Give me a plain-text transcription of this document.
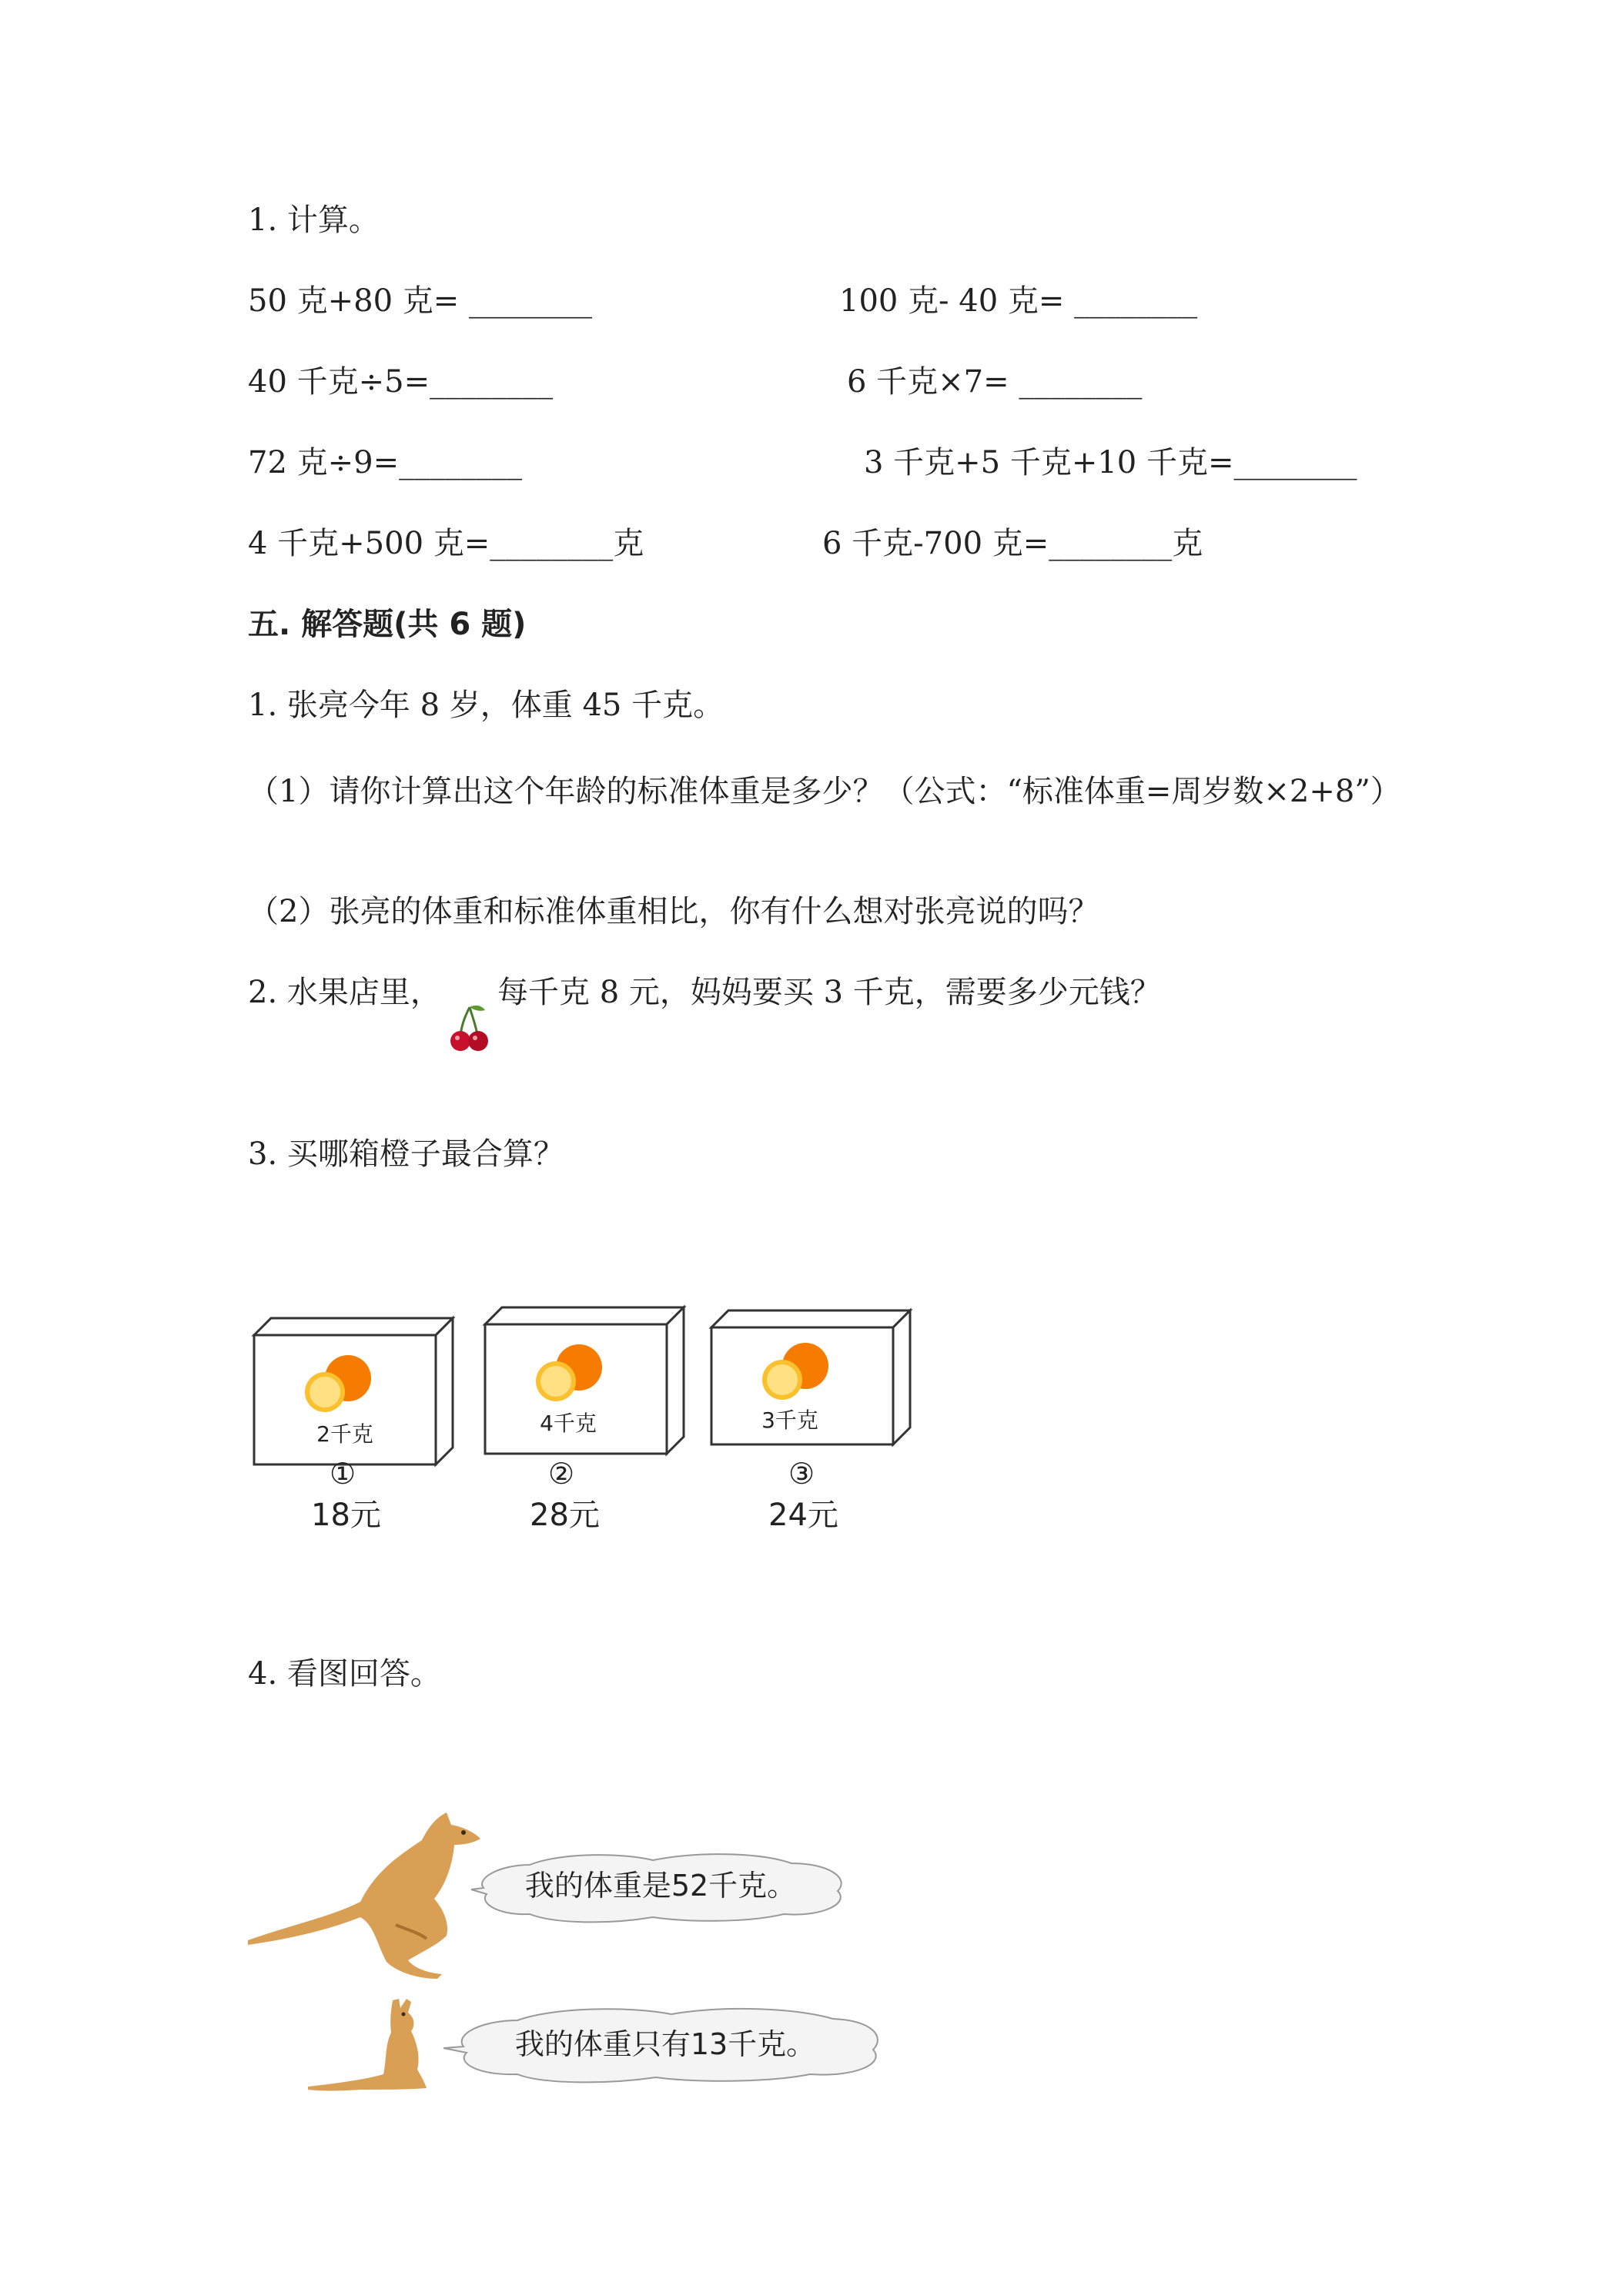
1. 计算。
50 克+80 克= ________	100 克- 40 克= ________
40 千克÷5=________	6 千克×7= ________
72 克÷9=________	3 千克+5 千克+10 千克=________
4 千克+500 克=________克	6 千克-700 克=________克
五. 解答题(共 6 题)
1. 张亮今年 8 岁，体重 45 千克。
（1）请你计算出这个年龄的标准体重是多少？（公式：“标准体重=周岁数×2+8”）
（2）张亮的体重和标准体重相比，你有什么想对张亮说的吗？
2. 水果店里， 每千克 8 元，妈妈要买 3 千克，需要多少元钱？
3. 买哪箱橙子最合算？
2千克
①
18元
4千克
②
28元
3千克
③
24元
4. 看图回答。
我的体重是52千克。
我的体重只有13千克。
